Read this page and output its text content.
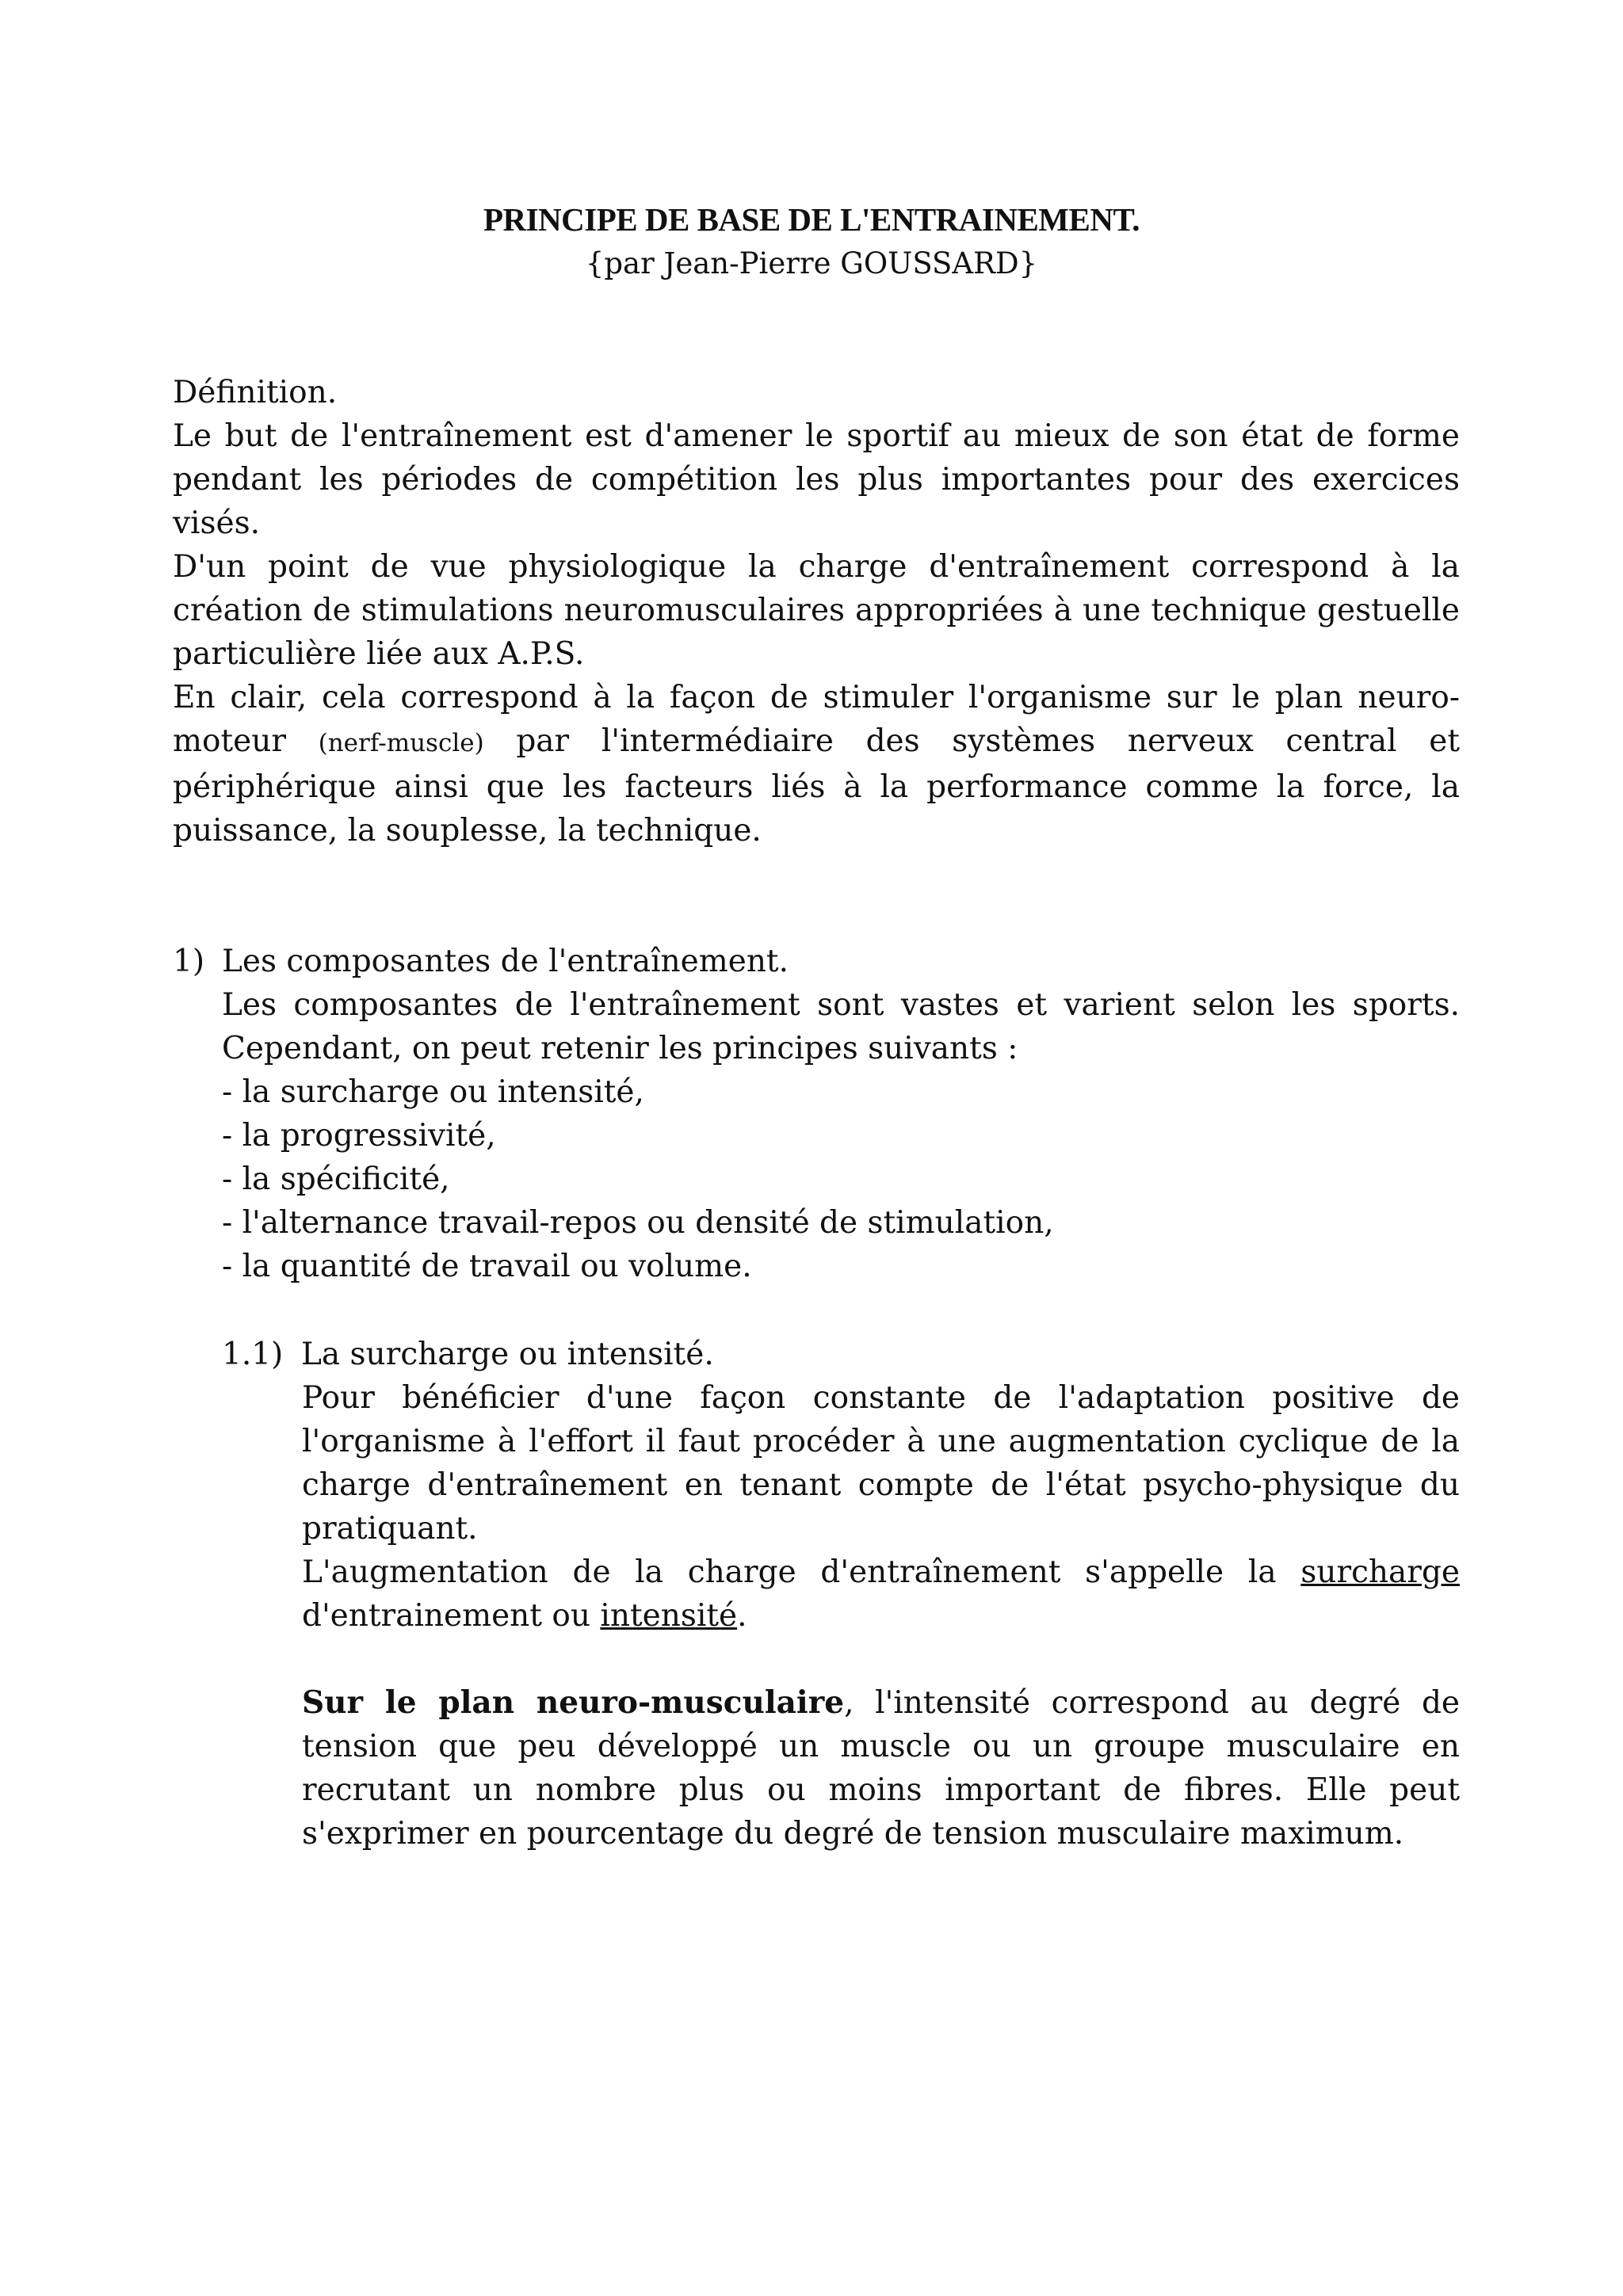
PRINCIPE DE BASE DE L'ENTRAINEMENT.
{par Jean-Pierre GOUSSARD}

Définition.

Le but de l'entraînement est d'amener le sportif au mieux de son état de forme pendant les périodes de compétition les plus importantes pour des exercices visés.

D'un point de vue physiologique la charge d'entraînement correspond à la création de stimulations neuromusculaires appropriées à une technique gestuelle particulière liée aux A.P.S.

En clair, cela correspond à la façon de stimuler l'organisme sur le plan neuro-moteur (nerf-muscle) par l'intermédiaire des systèmes nerveux central et périphérique ainsi que les facteurs liés à la performance comme la force, la puissance, la souplesse, la technique.

1) Les composantes de l'entraînement.
Les composantes de l'entraînement sont vastes et varient selon les sports. Cependant, on peut retenir les principes suivants :
- la surcharge ou intensité,
- la progressivité,
- la spécificité,
- l'alternance travail-repos ou densité de stimulation,
- la quantité de travail ou volume.
1.1) La surcharge ou intensité.

Pour bénéficier d'une façon constante de l'adaptation positive de l'organisme à l'effort il faut procéder à une augmentation cyclique de la charge d'entraînement en tenant compte de l'état psycho-physique du pratiquant.

L'augmentation de la charge d'entraînement s'appelle la surcharge d'entrainement ou intensité.

Sur le plan neuro-musculaire, l'intensité correspond au degré de tension que peu développé un muscle ou un groupe musculaire en recrutant un nombre plus ou moins important de fibres. Elle peut s'exprimer en pourcentage du degré de tension musculaire maximum.
